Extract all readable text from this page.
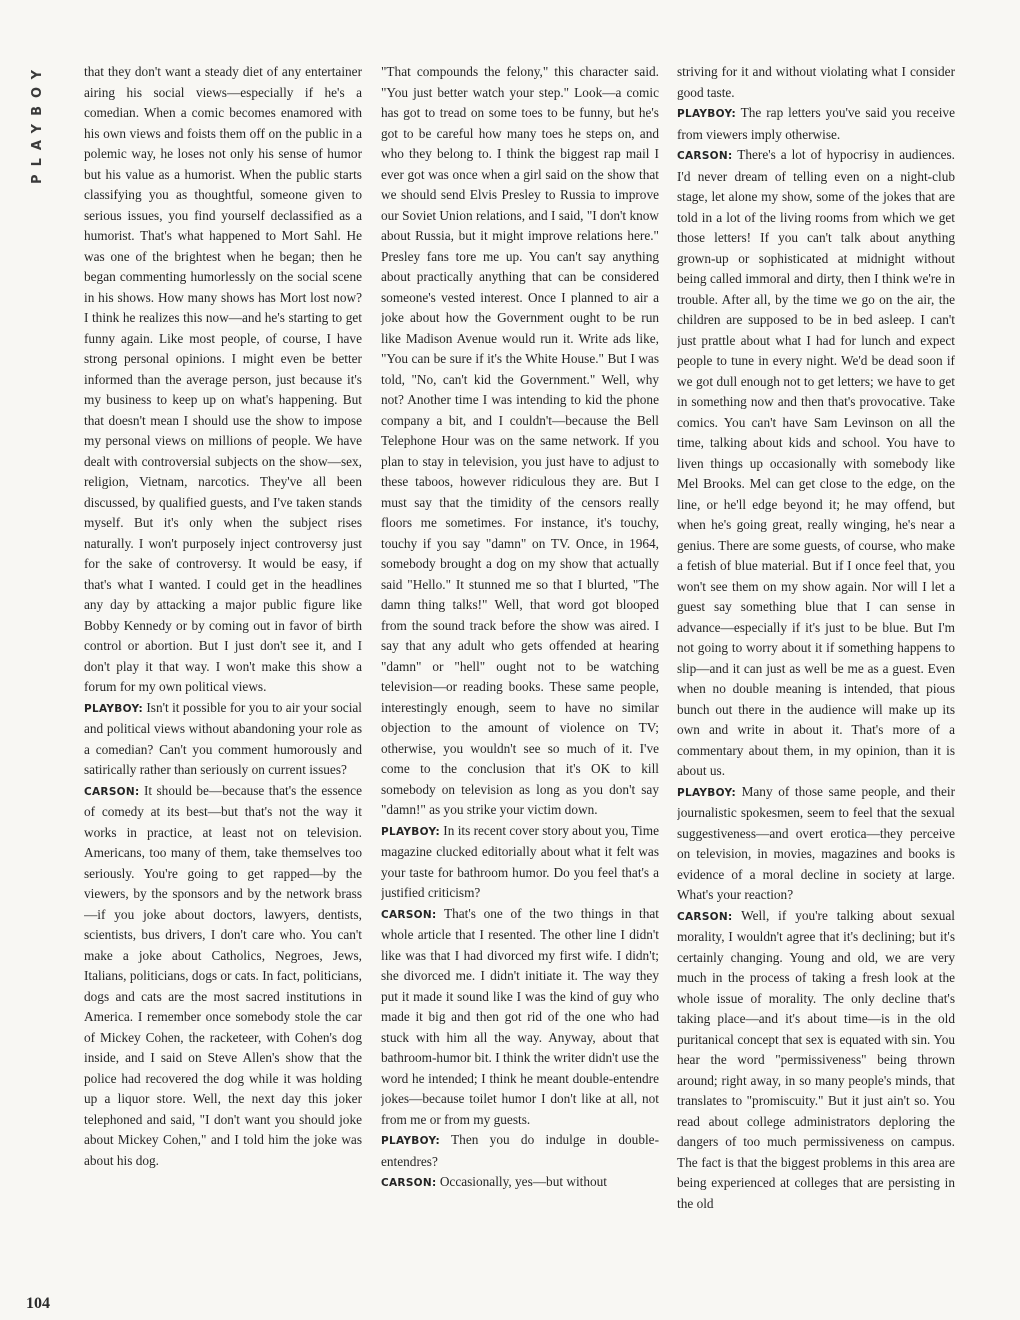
PLAYBOY
104

that they don't want a steady diet of any entertainer airing his social views—especially if he's a comedian. When a comic becomes enamored with his own views and foists them off on the public in a polemic way, he loses not only his sense of humor but his value as a humorist. When the public starts classifying you as thoughtful, someone given to serious issues, you find yourself declassified as a humorist. That's what happened to Mort Sahl. He was one of the brightest when he began; then he began commenting humorlessly on the social scene in his shows. How many shows has Mort lost now? I think he realizes this now—and he's starting to get funny again. Like most people, of course, I have strong personal opinions. I might even be better informed than the average person, just because it's my business to keep up on what's happening. But that doesn't mean I should use the show to impose my personal views on millions of people. We have dealt with controversial subjects on the show—sex, religion, Vietnam, narcotics. They've all been discussed, by qualified guests, and I've taken stands myself. But it's only when the subject rises naturally. I won't purposely inject controversy just for the sake of controversy. It would be easy, if that's what I wanted. I could get in the headlines any day by attacking a major public figure like Bobby Kennedy or by coming out in favor of birth control or abortion. But I just don't see it, and I don't play it that way. I won't make this show a forum for my own political views.

PLAYBOY: Isn't it possible for you to air your social and political views without abandoning your role as a comedian? Can't you comment humorously and satirically rather than seriously on current issues?

CARSON: It should be—because that's the essence of comedy at its best—but that's not the way it works in practice, at least not on television. Americans, too many of them, take themselves too seriously. You're going to get rapped—by the viewers, by the sponsors and by the network brass—if you joke about doctors, lawyers, dentists, scientists, bus drivers, I don't care who. You can't make a joke about Catholics, Negroes, Jews, Italians, politicians, dogs or cats. In fact, politicians, dogs and cats are the most sacred institutions in America. I remember once somebody stole the car of Mickey Cohen, the racketeer, with Cohen's dog inside, and I said on Steve Allen's show that the police had recovered the dog while it was holding up a liquor store. Well, the next day this joker telephoned and said, "I don't want you should joke about Mickey Cohen," and I told him the joke was about his dog.

"That compounds the felony," this character said. "You just better watch your step." Look—a comic has got to tread on some toes to be funny, but he's got to be careful how many toes he steps on, and who they belong to. I think the biggest rap mail I ever got was once when a girl said on the show that we should send Elvis Presley to Russia to improve our Soviet Union relations, and I said, "I don't know about Russia, but it might improve relations here." Presley fans tore me up. You can't say anything about practically anything that can be considered someone's vested interest. Once I planned to air a joke about how the Government ought to be run like Madison Avenue would run it. Write ads like, "You can be sure if it's the White House." But I was told, "No, can't kid the Government." Well, why not? Another time I was intending to kid the phone company a bit, and I couldn't—because the Bell Telephone Hour was on the same network. If you plan to stay in television, you just have to adjust to these taboos, however ridiculous they are. But I must say that the timidity of the censors really floors me sometimes. For instance, it's touchy, touchy if you say "damn" on TV. Once, in 1964, somebody brought a dog on my show that actually said "Hello." It stunned me so that I blurted, "The damn thing talks!" Well, that word got blooped from the sound track before the show was aired. I say that any adult who gets offended at hearing "damn" or "hell" ought not to be watching television—or reading books. These same people, interestingly enough, seem to have no similar objection to the amount of violence on TV; otherwise, you wouldn't see so much of it. I've come to the conclusion that it's OK to kill somebody on television as long as you don't say "damn!" as you strike your victim down.

PLAYBOY: In its recent cover story about you, Time magazine clucked editorially about what it felt was your taste for bathroom humor. Do you feel that's a justified criticism?

CARSON: That's one of the two things in that whole article that I resented. The other line I didn't like was that I had divorced my first wife. I didn't; she divorced me. I didn't initiate it. The way they put it made it sound like I was the kind of guy who made it big and then got rid of the one who had stuck with him all the way. Anyway, about that bathroom-humor bit. I think the writer didn't use the word he intended; I think he meant double-entendre jokes—because toilet humor I don't like at all, not from me or from my guests.

PLAYBOY: Then you do indulge in double-entendres?

CARSON: Occasionally, yes—but without

striving for it and without violating what I consider good taste.

PLAYBOY: The rap letters you've said you receive from viewers imply otherwise.

CARSON: There's a lot of hypocrisy in audiences. I'd never dream of telling even on a night-club stage, let alone my show, some of the jokes that are told in a lot of the living rooms from which we get those letters! If you can't talk about anything grown-up or sophisticated at midnight without being called immoral and dirty, then I think we're in trouble. After all, by the time we go on the air, the children are supposed to be in bed asleep. I can't just prattle about what I had for lunch and expect people to tune in every night. We'd be dead soon if we got dull enough not to get letters; we have to get in something now and then that's provocative. Take comics. You can't have Sam Levinson on all the time, talking about kids and school. You have to liven things up occasionally with somebody like Mel Brooks. Mel can get close to the edge, on the line, or he'll edge beyond it; he may offend, but when he's going great, really winging, he's near a genius. There are some guests, of course, who make a fetish of blue material. But if I once feel that, you won't see them on my show again. Nor will I let a guest say something blue that I can sense in advance—especially if it's just to be blue. But I'm not going to worry about it if something happens to slip—and it can just as well be me as a guest. Even when no double meaning is intended, that pious bunch out there in the audience will make up its own and write in about it. That's more of a commentary about them, in my opinion, than it is about us.

PLAYBOY: Many of those same people, and their journalistic spokesmen, seem to feel that the sexual suggestiveness—and overt erotica—they perceive on television, in movies, magazines and books is evidence of a moral decline in society at large. What's your reaction?

CARSON: Well, if you're talking about sexual morality, I wouldn't agree that it's declining; but it's certainly changing. Young and old, we are very much in the process of taking a fresh look at the whole issue of morality. The only decline that's taking place—and it's about time—is in the old puritanical concept that sex is equated with sin. You hear the word "permissiveness" being thrown around; right away, in so many people's minds, that translates to "promiscuity." But it just ain't so. You read about college administrators deploring the dangers of too much permissiveness on campus. The fact is that the biggest problems in this area are being experienced at colleges that are persisting in the old
